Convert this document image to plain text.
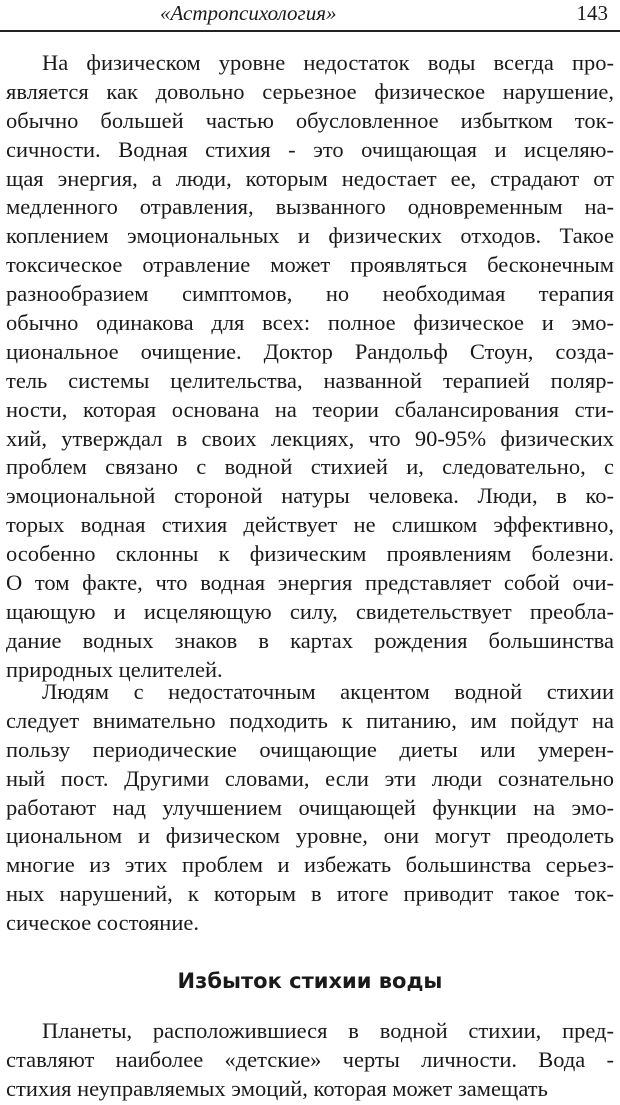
«Астропсихология»	143
На физическом уровне недостаток воды всегда про-
является как довольно серьезное физическое нарушение,
обычно большей частью обусловленное избытком ток-
сичности. Водная стихия - это очищающая и исцеляю-
щая энергия, а люди, которым недостает ее, страдают от
медленного отравления, вызванного одновременным на-
коплением эмоциональных и физических отходов. Такое
токсическое отравление может проявляться бесконечным
разнообразием симптомов, но необходимая терапия
обычно одинакова для всех: полное физическое и эмо-
циональное очищение. Доктор Рандольф Стоун, созда-
тель системы целительства, названной терапией поляр-
ности, которая основана на теории сбалансирования сти-
хий, утверждал в своих лекциях, что 90-95% физических
проблем связано с водной стихией и, следовательно, с
эмоциональной стороной натуры человека. Люди, в ко-
торых водная стихия действует не слишком эффективно,
особенно склонны к физическим проявлениям болезни.
О том факте, что водная энергия представляет собой очи-
щающую и исцеляющую силу, свидетельствует преобла-
дание водных знаков в картах рождения большинства
природных целителей.
Людям с недостаточным акцентом водной стихии
следует внимательно подходить к питанию, им пойдут на
пользу периодические очищающие диеты или умерен-
ный пост. Другими словами, если эти люди сознательно
работают над улучшением очищающей функции на эмо-
циональном и физическом уровне, они могут преодолеть
многие из этих проблем и избежать большинства серьез-
ных нарушений, к которым в итоге приводит такое ток-
сическое состояние.
Избыток стихии воды
Планеты, расположившиеся в водной стихии, пред-
ставляют наиболее «детские» черты личности. Вода -
стихия неуправляемых эмоций, которая может замещать
